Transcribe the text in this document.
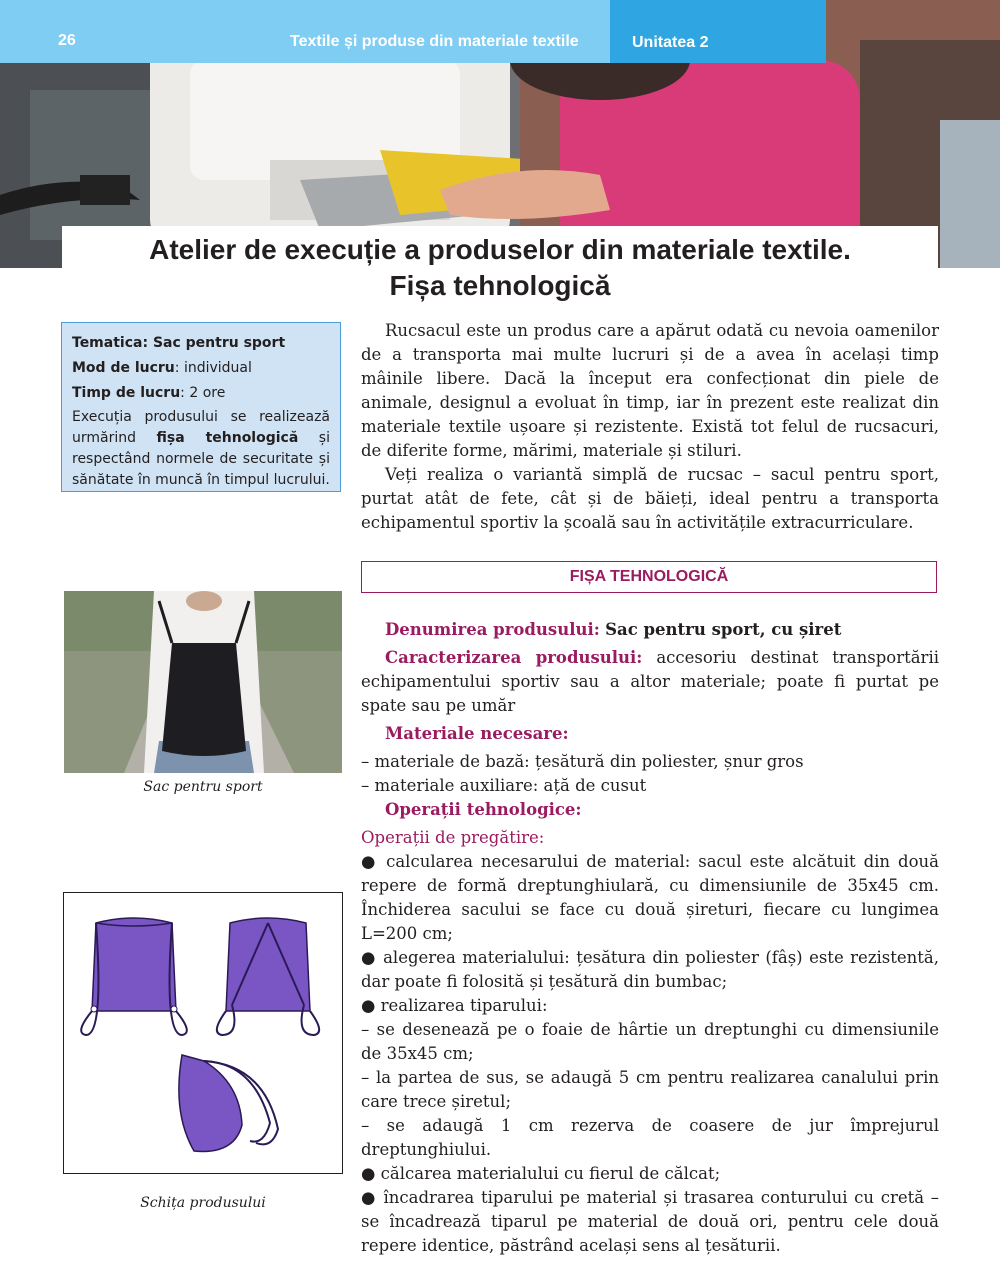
26	Textile și produse din materiale textile	Unitatea 2
Atelier de execuție a produselor din materiale textile.
Fișa tehnologică

Tematica: Sac pentru sport

Mod de lucru: individual

Timp de lucru: 2 ore

Execuția produsului se realizează urmărind fișa tehnologică și respectând normele de securitate și sănătate în muncă în timpul lucrului.

Rucsacul este un produs care a apărut odată cu nevoia oamenilor de a transporta mai multe lucruri și de a avea în același timp mâinile libere. Dacă la început era confecționat din piele de animale, designul a evoluat în timp, iar în prezent este realizat din materiale textile ușoare și rezistente. Există tot felul de rucsacuri, de diferite forme, mărimi, materiale și stiluri.

Veți realiza o variantă simplă de rucsac – sacul pentru sport, purtat atât de fete, cât și de băieți, ideal pentru a transporta echipamentul sportiv la școală sau în activitățile extracurriculare.

FIȘA TEHNOLOGICĂ
Sac pentru sport
Schița produsului

Denumirea produsului: Sac pentru sport, cu șiret

Caracterizarea produsului: accesoriu destinat transportării echipamentului sportiv sau a altor materiale; poate fi purtat pe spate sau pe umăr

Materiale necesare:

– materiale de bază: țesătură din poliester, șnur gros

– materiale auxiliare: ață de cusut

Operații tehnologice:

Operații de pregătire:

● calcularea necesarului de material: sacul este alcătuit din două repere de formă dreptunghiulară, cu dimensiunile de 35x45 cm. Închiderea sacului se face cu două șireturi, fiecare cu lungimea L=200 cm;

● alegerea materialului: țesătura din poliester (fâș) este rezistentă, dar poate fi folosită și țesătură din bumbac;

● realizarea tiparului:

– se desenează pe o foaie de hârtie un dreptunghi cu dimensiunile de 35x45 cm;

– la partea de sus, se adaugă 5 cm pentru realizarea canalului prin care trece șiretul;

– se adaugă 1 cm rezerva de coasere de jur împrejurul dreptunghiului.

● călcarea materialului cu fierul de călcat;

● încadrarea tiparului pe material și trasarea conturului cu cretă – se încadrează tiparul pe material de două ori, pentru cele două repere identice, păstrând același sens al țesăturii.
